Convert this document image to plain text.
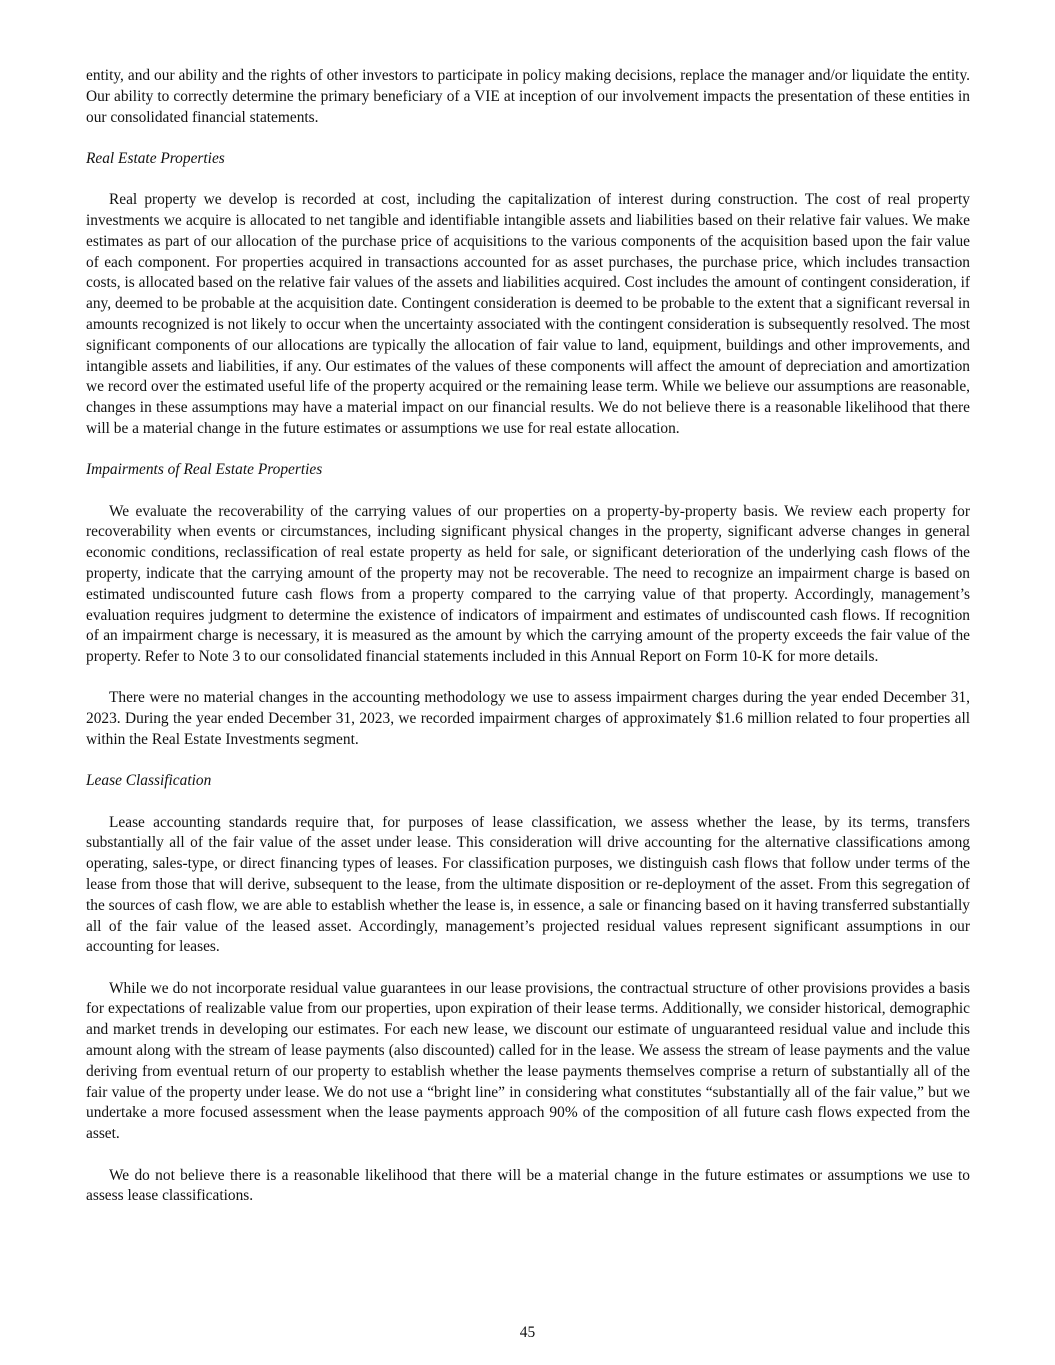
entity, and our ability and the rights of other investors to participate in policy making decisions, replace the manager and/or liquidate the entity. Our ability to correctly determine the primary beneficiary of a VIE at inception of our involvement impacts the presentation of these entities in our consolidated financial statements.

Real Estate Properties

Real property we develop is recorded at cost, including the capitalization of interest during construction. The cost of real property investments we acquire is allocated to net tangible and identifiable intangible assets and liabilities based on their relative fair values. We make estimates as part of our allocation of the purchase price of acquisitions to the various components of the acquisition based upon the fair value of each component. For properties acquired in transactions accounted for as asset purchases, the purchase price, which includes transaction costs, is allocated based on the relative fair values of the assets and liabilities acquired. Cost includes the amount of contingent consideration, if any, deemed to be probable at the acquisition date. Contingent consideration is deemed to be probable to the extent that a significant reversal in amounts recognized is not likely to occur when the uncertainty associated with the contingent consideration is subsequently resolved. The most significant components of our allocations are typically the allocation of fair value to land, equipment, buildings and other improvements, and intangible assets and liabilities, if any. Our estimates of the values of these components will affect the amount of depreciation and amortization we record over the estimated useful life of the property acquired or the remaining lease term. While we believe our assumptions are reasonable, changes in these assumptions may have a material impact on our financial results. We do not believe there is a reasonable likelihood that there will be a material change in the future estimates or assumptions we use for real estate allocation.

Impairments of Real Estate Properties

We evaluate the recoverability of the carrying values of our properties on a property-by-property basis. We review each property for recoverability when events or circumstances, including significant physical changes in the property, significant adverse changes in general economic conditions, reclassification of real estate property as held for sale, or significant deterioration of the underlying cash flows of the property, indicate that the carrying amount of the property may not be recoverable. The need to recognize an impairment charge is based on estimated undiscounted future cash flows from a property compared to the carrying value of that property. Accordingly, management’s evaluation requires judgment to determine the existence of indicators of impairment and estimates of undiscounted cash flows. If recognition of an impairment charge is necessary, it is measured as the amount by which the carrying amount of the property exceeds the fair value of the property. Refer to Note 3 to our consolidated financial statements included in this Annual Report on Form 10-K for more details.

There were no material changes in the accounting methodology we use to assess impairment charges during the year ended December 31, 2023. During the year ended December 31, 2023, we recorded impairment charges of approximately $1.6 million related to four properties all within the Real Estate Investments segment.

Lease Classification

Lease accounting standards require that, for purposes of lease classification, we assess whether the lease, by its terms, transfers substantially all of the fair value of the asset under lease. This consideration will drive accounting for the alternative classifications among operating, sales-type, or direct financing types of leases. For classification purposes, we distinguish cash flows that follow under terms of the lease from those that will derive, subsequent to the lease, from the ultimate disposition or re-deployment of the asset. From this segregation of the sources of cash flow, we are able to establish whether the lease is, in essence, a sale or financing based on it having transferred substantially all of the fair value of the leased asset. Accordingly, management’s projected residual values represent significant assumptions in our accounting for leases.

While we do not incorporate residual value guarantees in our lease provisions, the contractual structure of other provisions provides a basis for expectations of realizable value from our properties, upon expiration of their lease terms. Additionally, we consider historical, demographic and market trends in developing our estimates. For each new lease, we discount our estimate of unguaranteed residual value and include this amount along with the stream of lease payments (also discounted) called for in the lease. We assess the stream of lease payments and the value deriving from eventual return of our property to establish whether the lease payments themselves comprise a return of substantially all of the fair value of the property under lease. We do not use a “bright line” in considering what constitutes “substantially all of the fair value,” but we undertake a more focused assessment when the lease payments approach 90% of the composition of all future cash flows expected from the asset.

We do not believe there is a reasonable likelihood that there will be a material change in the future estimates or assumptions we use to assess lease classifications.

45
